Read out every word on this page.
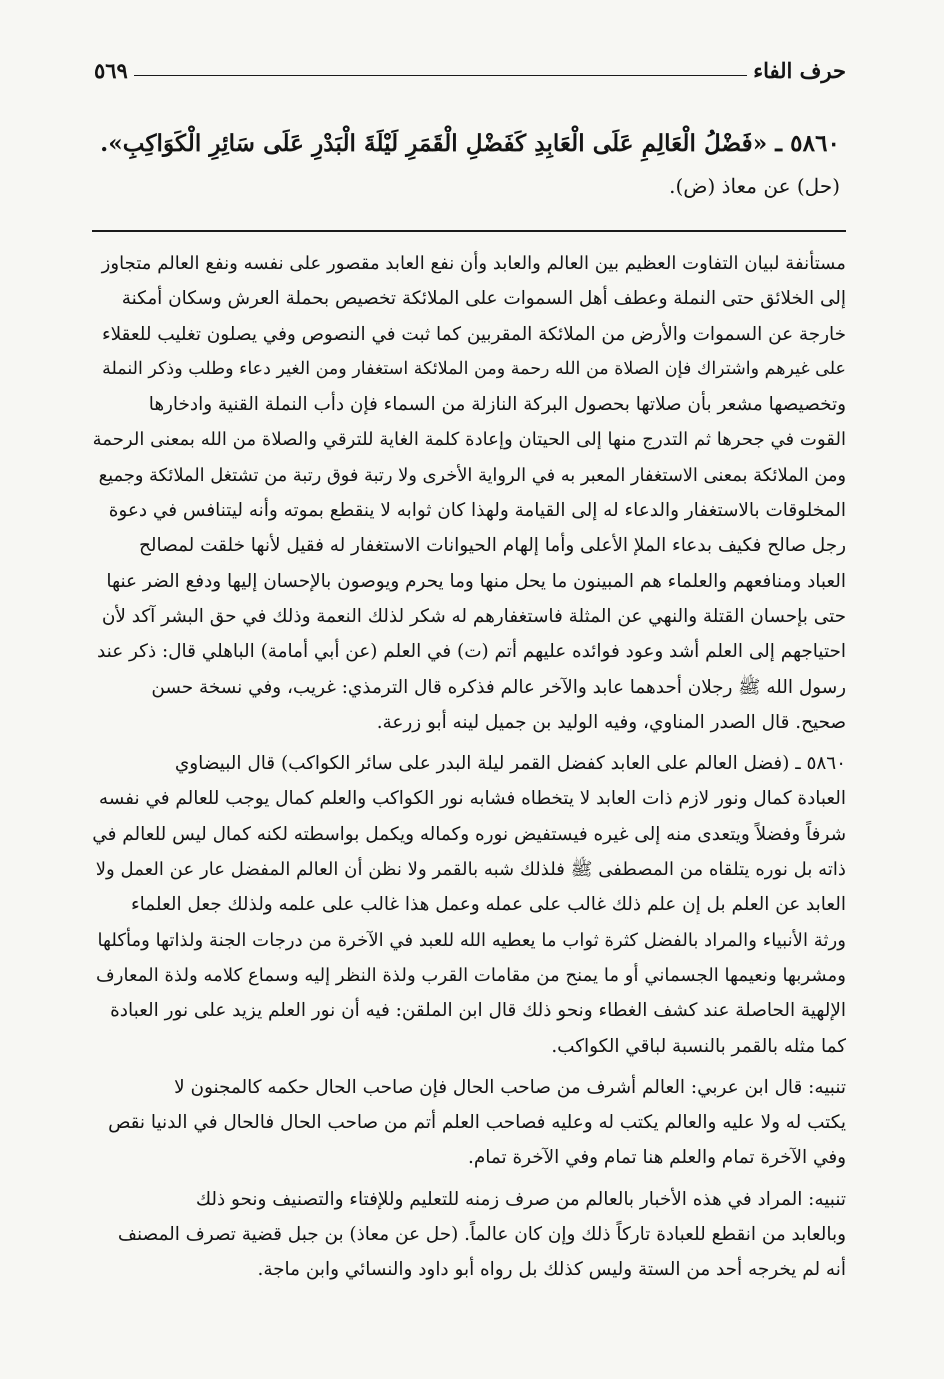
حرف الفاء
٥٦٩
٥٨٦٠ ـ «فَضْلُ الْعَالِمِ عَلَى الْعَابِدِ كَفَضْلِ الْقَمَرِ لَيْلَةَ الْبَدْرِ عَلَى سَائِرِ الْكَوَاكِبِ».
(حل) عن معاذ (ض).
مستأنفة لبيان التفاوت العظيم بين العالم والعابد وأن نفع العابد مقصور على نفسه ونفع العالم متجاوز
إلى الخلائق حتى النملة وعطف أهل السموات على الملائكة تخصيص بحملة العرش وسكان أمكنة
خارجة عن السموات والأرض من الملائكة المقربين كما ثبت في النصوص وفي يصلون تغليب للعقلاء
على غيرهم واشتراك فإن الصلاة من الله رحمة ومن الملائكة استغفار ومن الغير دعاء وطلب وذكر النملة
وتخصيصها مشعر بأن صلاتها بحصول البركة النازلة من السماء فإن دأب النملة القنية وادخارها
القوت في جحرها ثم التدرج منها إلى الحيتان وإعادة كلمة الغاية للترقي والصلاة من الله بمعنى الرحمة
ومن الملائكة بمعنى الاستغفار المعبر به في الرواية الأخرى ولا رتبة فوق رتبة من تشتغل الملائكة وجميع
المخلوقات بالاستغفار والدعاء له إلى القيامة ولهذا كان ثوابه لا ينقطع بموته وأنه ليتنافس في دعوة
رجل صالح فكيف بدعاء الملإ الأعلى وأما إلهام الحيوانات الاستغفار له فقيل لأنها خلقت لمصالح
العباد ومنافعهم والعلماء هم المبينون ما يحل منها وما يحرم ويوصون بالإحسان إليها ودفع الضر عنها
حتى بإحسان القتلة والنهي عن المثلة فاستغفارهم له شكر لذلك النعمة وذلك في حق البشر آكد لأن
احتياجهم إلى العلم أشد وعود فوائده عليهم أتم (ت) في العلم (عن أبي أمامة) الباهلي قال: ذكر عند
رسول الله ﷺ رجلان أحدهما عابد والآخر عالم فذكره قال الترمذي: غريب، وفي نسخة حسن
صحيح. قال الصدر المناوي، وفيه الوليد بن جميل لينه أبو زرعة.
٥٨٦٠ ـ (فضل العالم على العابد كفضل القمر ليلة البدر على سائر الكواكب) قال البيضاوي
العبادة كمال ونور لازم ذات العابد لا يتخطاه فشابه نور الكواكب والعلم كمال يوجب للعالم في نفسه
شرفاً وفضلاً ويتعدى منه إلى غيره فيستفيض نوره وكماله ويكمل بواسطته لكنه كمال ليس للعالم في
ذاته بل نوره يتلقاه من المصطفى ﷺ فلذلك شبه بالقمر ولا نظن أن العالم المفضل عار عن العمل ولا
العابد عن العلم بل إن علم ذلك غالب على عمله وعمل هذا غالب على علمه ولذلك جعل العلماء
ورثة الأنبياء والمراد بالفضل كثرة ثواب ما يعطيه الله للعبد في الآخرة من درجات الجنة ولذاتها ومأكلها
ومشربها ونعيمها الجسماني أو ما يمنح من مقامات القرب ولذة النظر إليه وسماع كلامه ولذة المعارف
الإلهية الحاصلة عند كشف الغطاء ونحو ذلك قال ابن الملقن: فيه أن نور العلم يزيد على نور العبادة
كما مثله بالقمر بالنسبة لباقي الكواكب.
تنبيه: قال ابن عربي: العالم أشرف من صاحب الحال فإن صاحب الحال حكمه كالمجنون لا
يكتب له ولا عليه والعالم يكتب له وعليه فصاحب العلم أتم من صاحب الحال فالحال في الدنيا نقص
وفي الآخرة تمام والعلم هنا تمام وفي الآخرة تمام.
تنبيه: المراد في هذه الأخبار بالعالم من صرف زمنه للتعليم وللإفتاء والتصنيف ونحو ذلك
وبالعابد من انقطع للعبادة تاركاً ذلك وإن كان عالماً. (حل عن معاذ) بن جبل قضية تصرف المصنف
أنه لم يخرجه أحد من الستة وليس كذلك بل رواه أبو داود والنسائي وابن ماجة.
